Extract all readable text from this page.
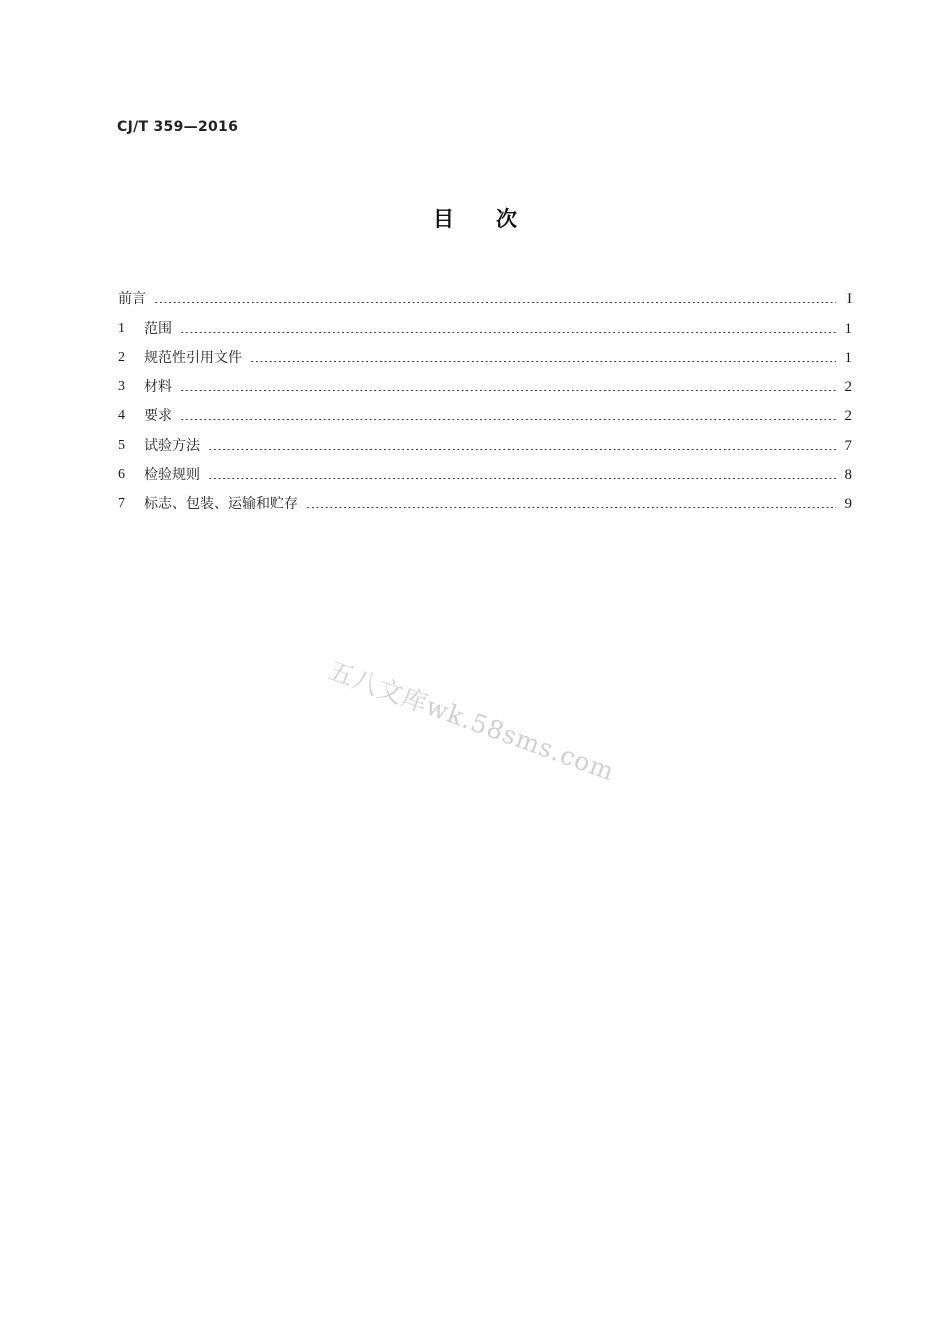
CJ/T 359—2016
目 次
前言	I
1	范围	1
2	规范性引用文件	1
3	材料	2
4	要求	2
5	试验方法	7
6	检验规则	8
7	标志、包装、运输和贮存	9
五八文库wk.58sms.com
